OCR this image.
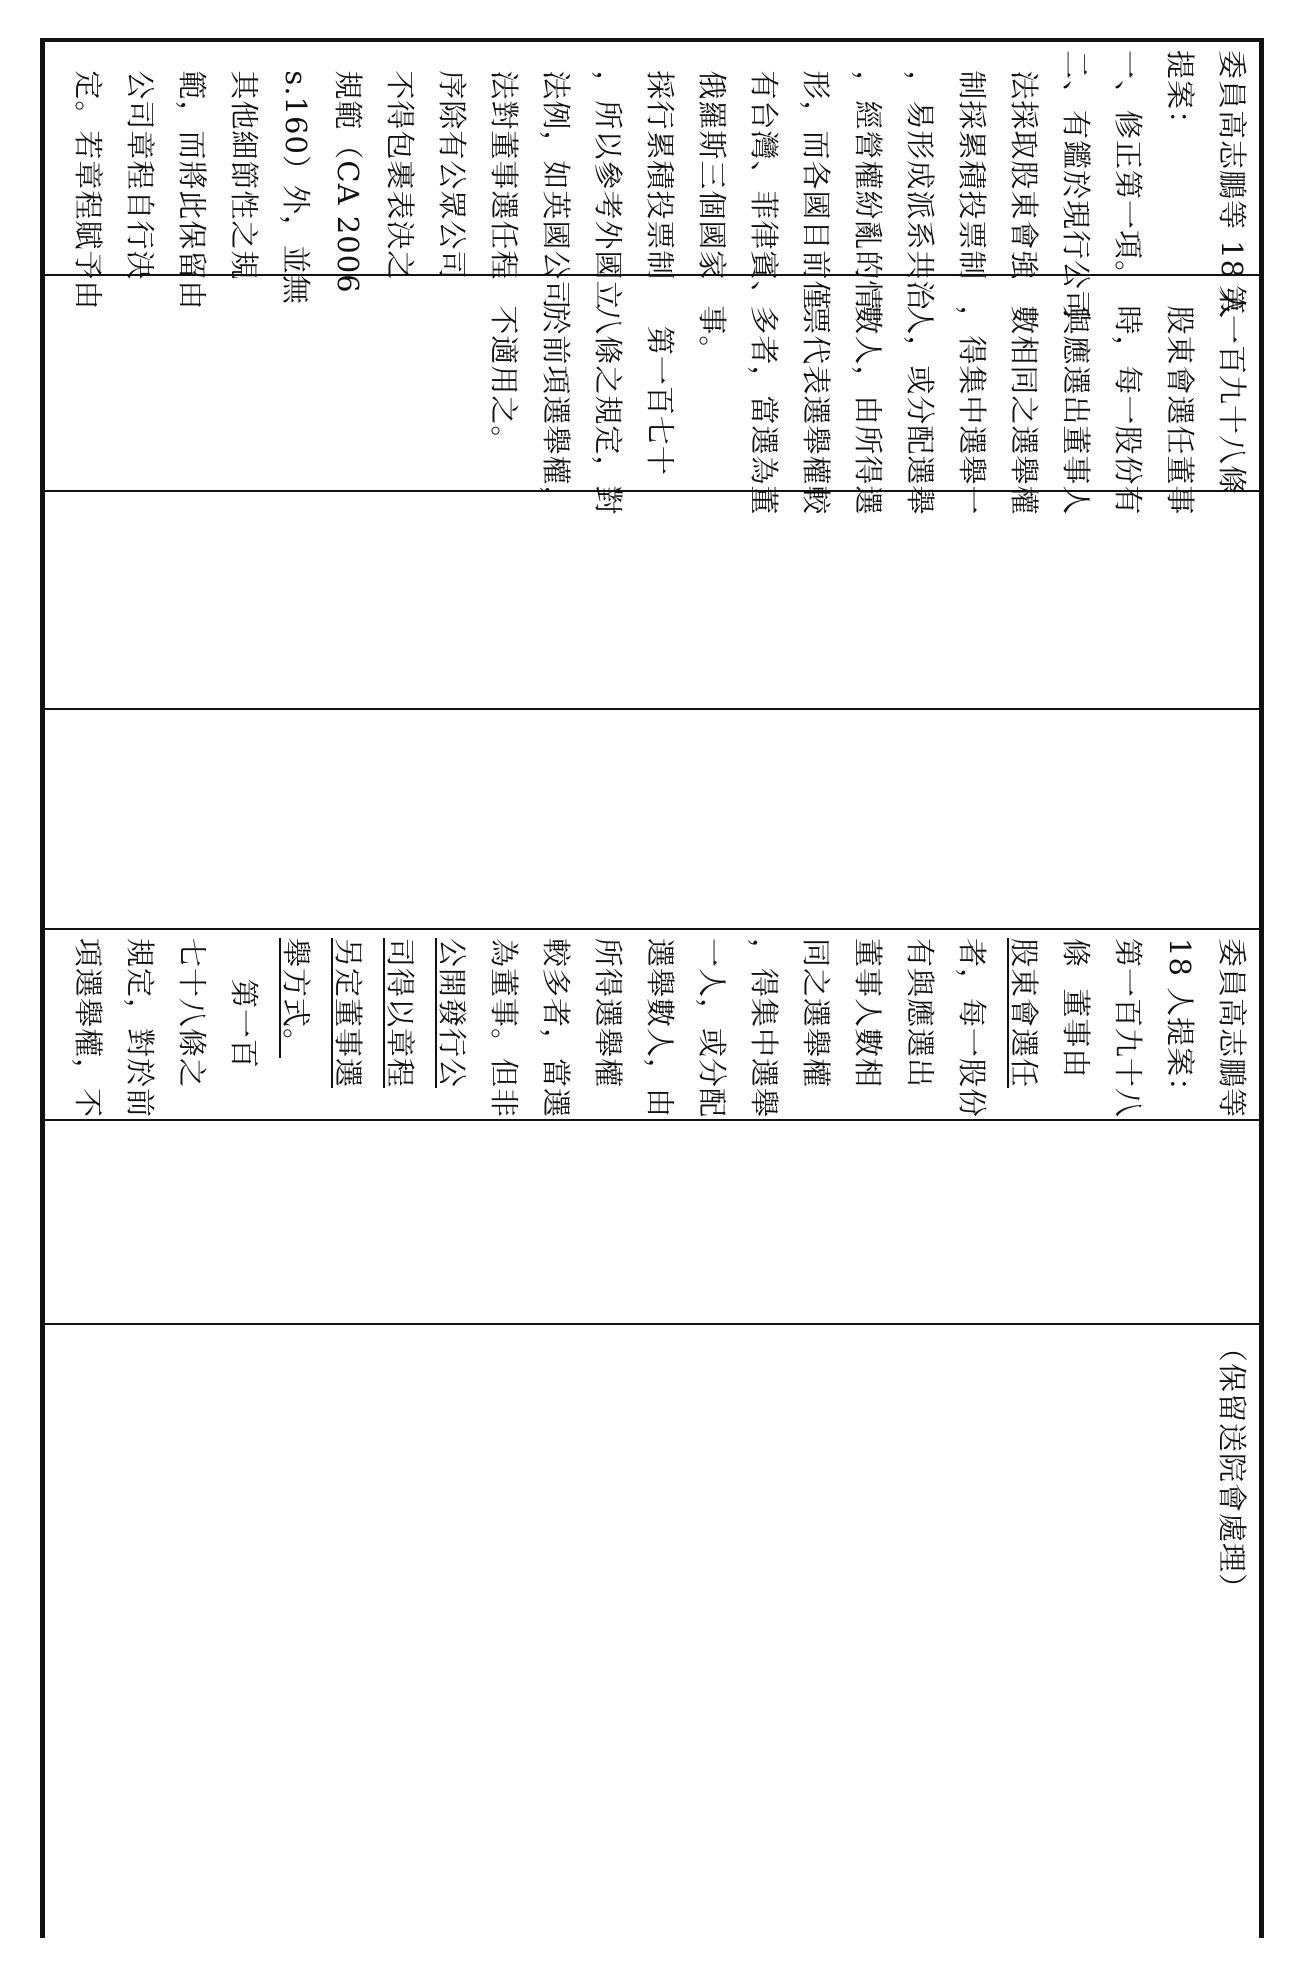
委員高志鵬等 18 人
提案：
一、修正第一項。
二、有鑑於現行公司
法採取股東會強
制採累積投票制
，易形成派系共治
，經營權紛亂的情
形，而各國目前僅
有台灣、菲律賓、
俄羅斯三個國家
採行累積投票制
，所以參考外國立
法例，如英國公司
法對董事選任程
序除有公眾公司
不得包裹表決之
規範（CA 2006
s.160）外，並無
其他細節性之規
範，而將此保留由
公司章程自行決
定。若章程賦予由
第一百九十八條
股東會選任董事
時，每一股份有
與應選出董事人
數相同之選舉權
，得集中選舉一
人，或分配選舉
數人，由所得選
票代表選舉權較
多者，當選為董
事。
第一百七十
八條之規定，對
於前項選舉權，
不適用之。
委員高志鵬等
18 人提案：
第一百九十八
條  董事由
股東會選任
者，每一股份
有與應選出
董事人數相
同之選舉權
，得集中選舉
一人，或分配
選舉數人，由
所得選舉權
較多者，當選
為董事。但非
公開發行公
司得以章程
另定董事選
舉方式。
第一百
七十八條之
規定，對於前
項選舉權，不
（保留送院會處理）
